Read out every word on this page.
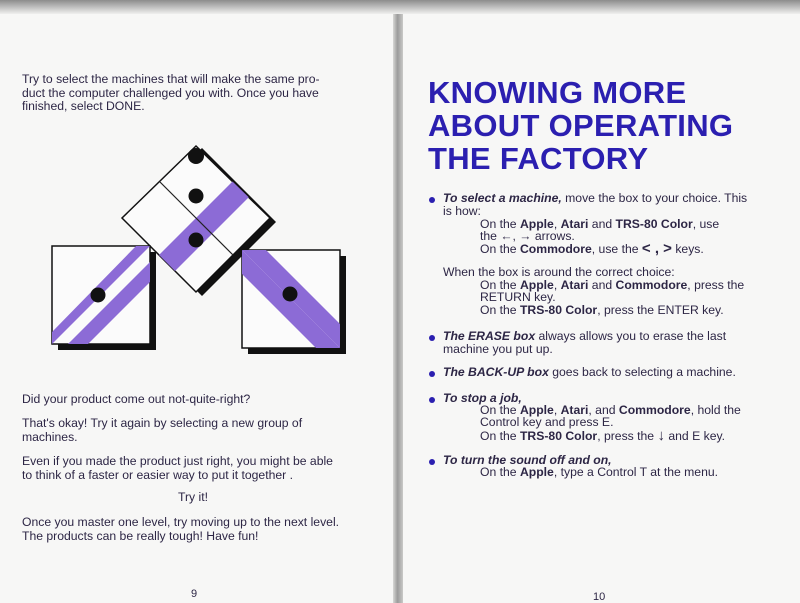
Try to select the machines that will make the same pro-
duct the computer challenged you with. Once you have
finished, select DONE.
Did your product come out not-quite-right?
That's okay! Try it again by selecting a new group of
machines.
Even if you made the product just right, you might be able
to think of a faster or easier way to put it together .
Try it!
Once you master one level, try moving up to the next level.
The products can be really tough! Have fun!
9
KNOWING MORE
ABOUT OPERATING
THE FACTORY
To select a machine, move the box to your choice. This
is how:
On the Apple, Atari and TRS-80 Color, use
the ←, → arrows.
On the Commodore, use the < , > keys.
When the box is around the correct choice:
On the Apple, Atari and Commodore, press the
RETURN key.
On the TRS-80 Color, press the ENTER key.
The ERASE box always allows you to erase the last
machine you put up.
The BACK-UP box goes back to selecting a machine.
To stop a job,
On the Apple, Atari, and Commodore, hold the
Control key and press E.
On the TRS-80 Color, press the ↓ and E key.
To turn the sound off and on,
On the Apple, type a Control T at the menu.
10
